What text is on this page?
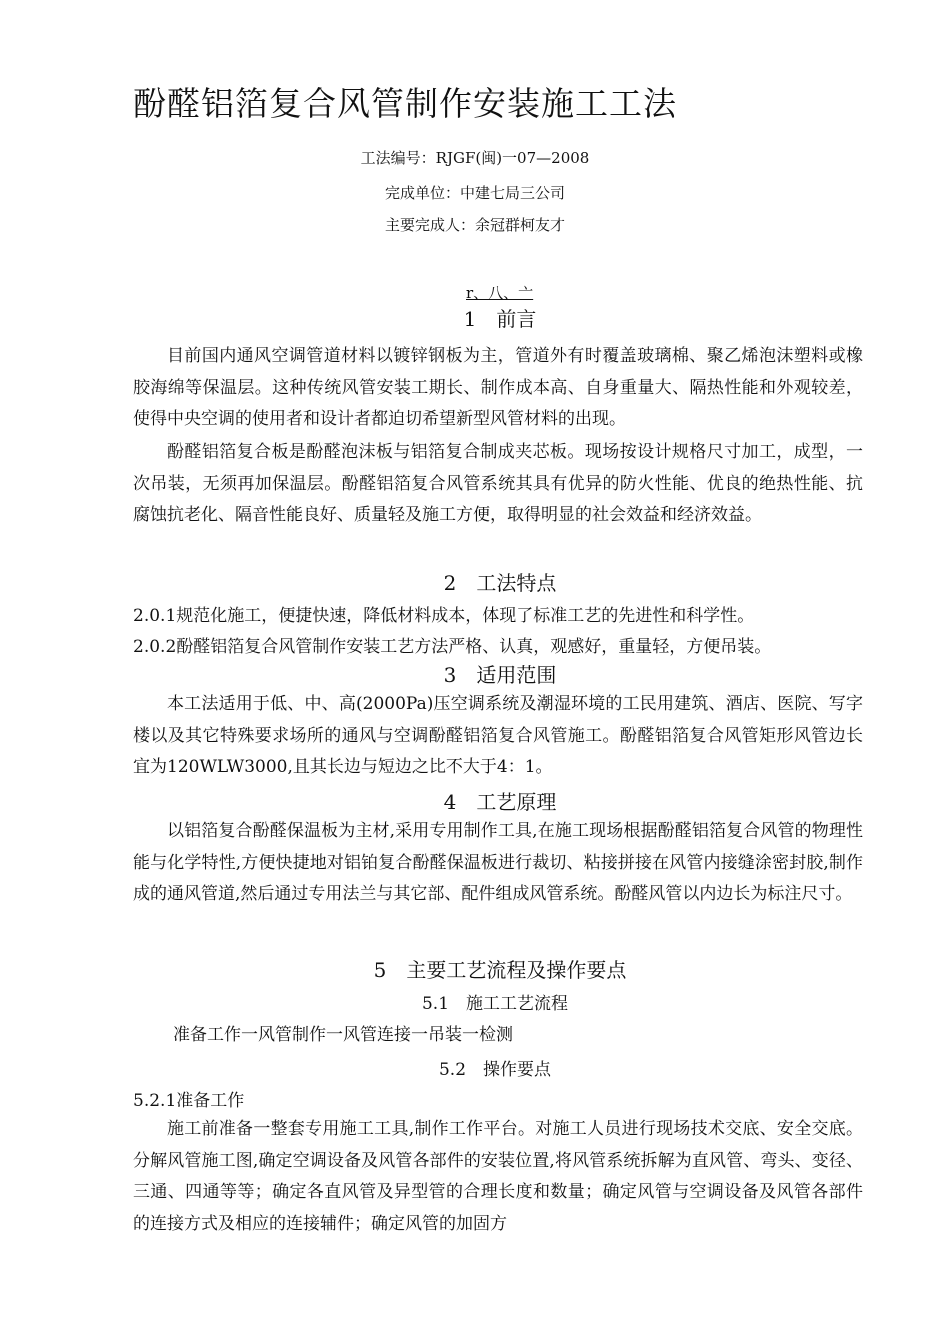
酚醛铝箔复合风管制作安装施工工法
工法编号：RJGF(闽)一07—2008
完成单位：中建七局三公司
主要完成人：余冠群柯友才
r、八、亠
1　前言

目前国内通风空调管道材料以镀锌钢板为主，管道外有时覆盖玻璃棉、聚乙烯泡沫塑料或橡胶海绵等保温层。这种传统风管安装工期长、制作成本高、自身重量大、隔热性能和外观较差，使得中央空调的使用者和设计者都迫切希望新型风管材料的出现。

酚醛铝箔复合板是酚醛泡沫板与铝箔复合制成夹芯板。现场按设计规格尺寸加工，成型，一次吊装，无须再加保温层。酚醛铝箔复合风管系统其具有优异的防火性能、优良的绝热性能、抗腐蚀抗老化、隔音性能良好、质量轻及施工方便，取得明显的社会效益和经济效益。

2　工法特点

2.0.1规范化施工，便捷快速，降低材料成本，体现了标准工艺的先进性和科学性。

2.0.2酚醛铝箔复合风管制作安装工艺方法严格、认真，观感好，重量轻，方便吊装。

3　适用范围

本工法适用于低、中、高(2000Pa)压空调系统及潮湿环境的工民用建筑、酒店、医院、写字楼以及其它特殊要求场所的通风与空调酚醛铝箔复合风管施工。酚醛铝箔复合风管矩形风管边长宜为120WLW3000,且其长边与短边之比不大于4：1。

4　工艺原理

以铝箔复合酚醛保温板为主材,采用专用制作工具,在施工现场根据酚醛铝箔复合风管的物理性能与化学特性,方便快捷地对铝铂复合酚醛保温板进行裁切、粘接拼接在风管内接缝涂密封胶,制作成的通风管道,然后通过专用法兰与其它部、配件组成风管系统。酚醛风管以内边长为标注尺寸。

5　主要工艺流程及操作要点
5.1　施工工艺流程

准备工作一风管制作一风管连接一吊装一检测

5.2　操作要点

5.2.1准备工作

施工前准备一整套专用施工工具,制作工作平台。对施工人员进行现场技术交底、安全交底。分解风管施工图,确定空调设备及风管各部件的安装位置,将风管系统拆解为直风管、弯头、变径、三通、四通等等；确定各直风管及异型管的合理长度和数量；确定风管与空调设备及风管各部件的连接方式及相应的连接辅件；确定风管的加固方
